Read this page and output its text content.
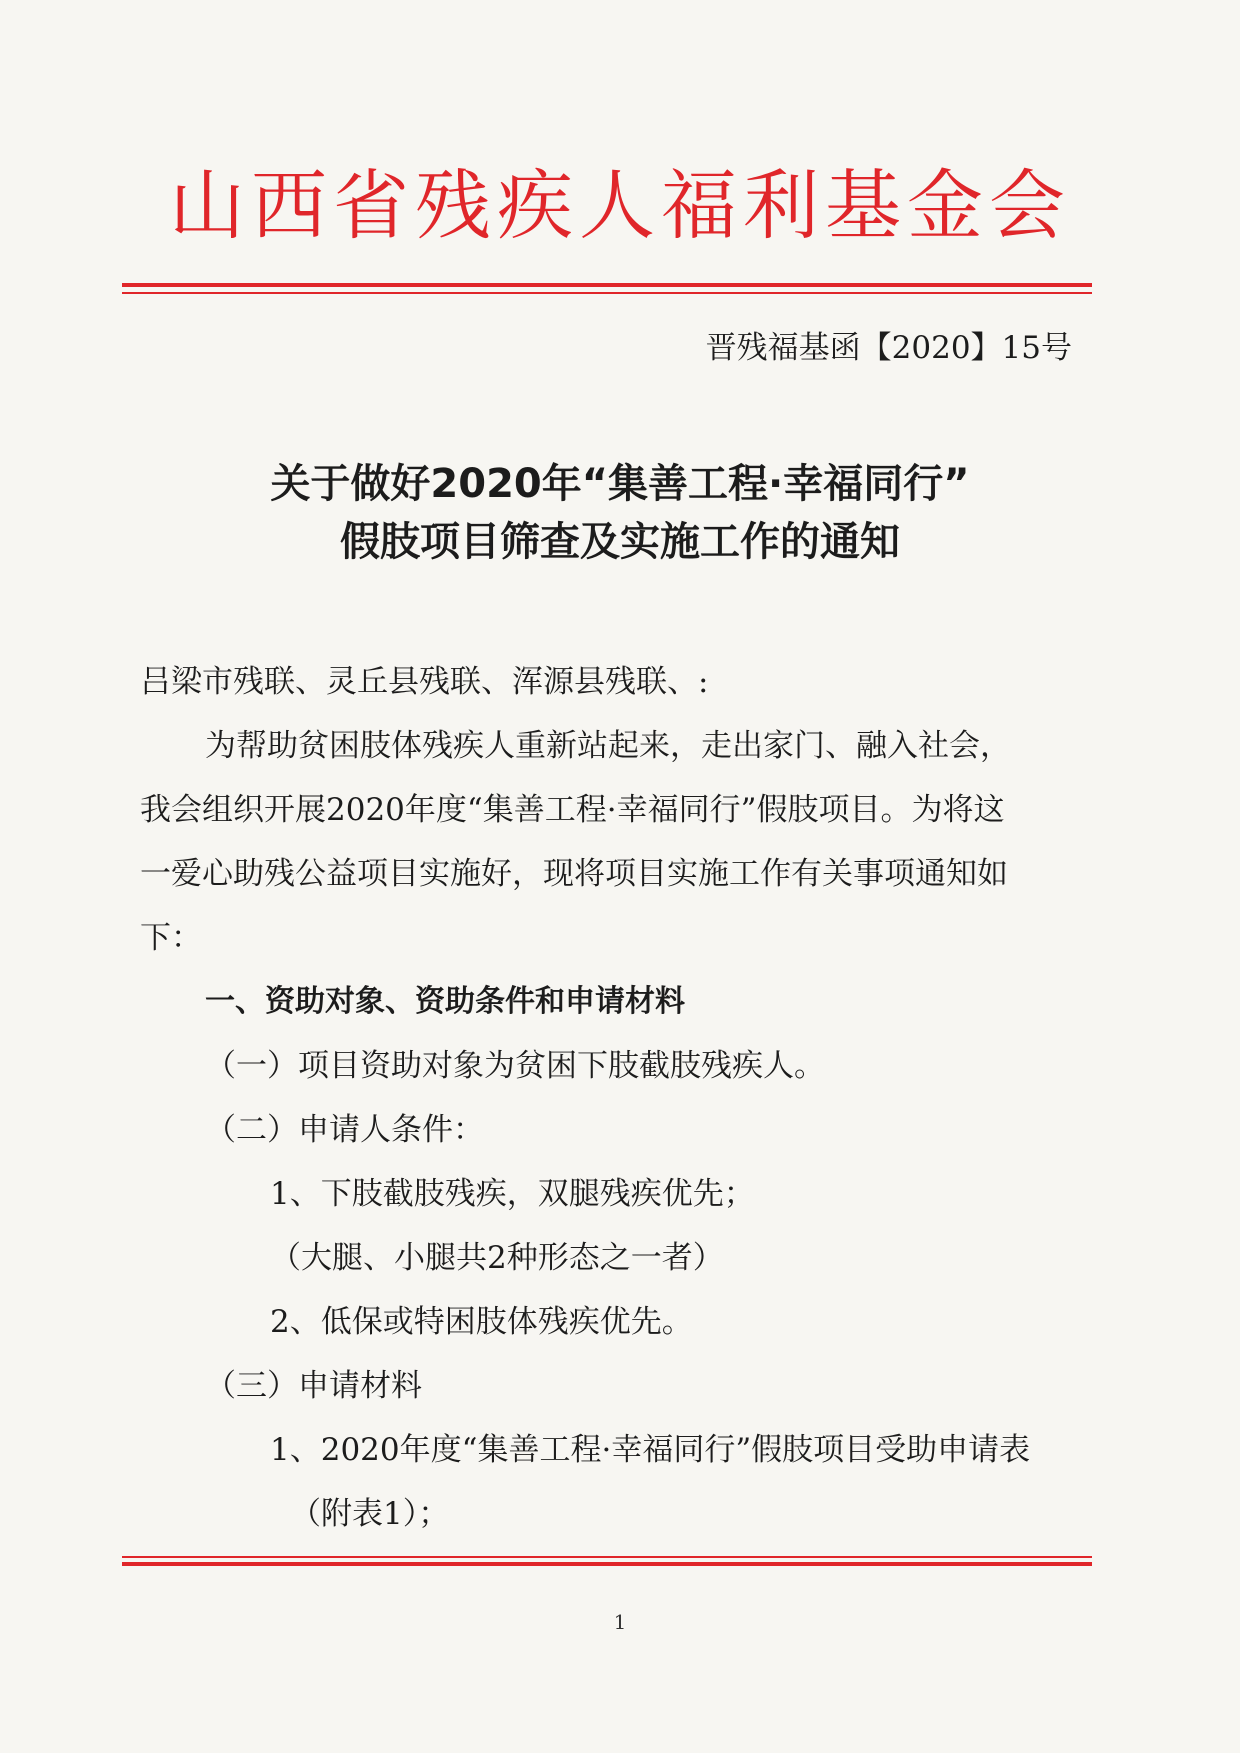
山西省残疾人福利基金会
晋残福基函【2020】15号
关于做好2020年“集善工程·幸福同行”
假肢项目筛查及实施工作的通知
吕梁市残联、灵丘县残联、浑源县残联、:
为帮助贫困肢体残疾人重新站起来，走出家门、融入社会，
我会组织开展2020年度“集善工程·幸福同行”假肢项目。为将这
一爱心助残公益项目实施好，现将项目实施工作有关事项通知如
下：
一、资助对象、资助条件和申请材料
（一）项目资助对象为贫困下肢截肢残疾人。
（二）申请人条件：
1、下肢截肢残疾，双腿残疾优先；
（大腿、小腿共2种形态之一者）
2、低保或特困肢体残疾优先。
（三）申请材料
1、2020年度“集善工程·幸福同行”假肢项目受助申请表
（附表1）；
1
